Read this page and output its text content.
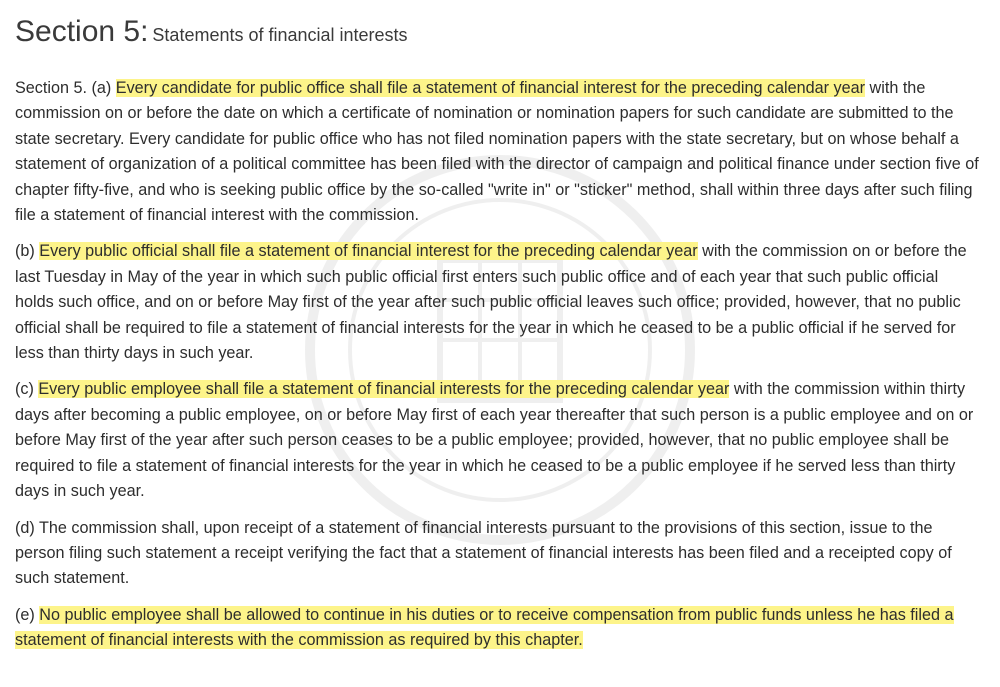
Section 5: Statements of financial interests

Section 5. (a) Every candidate for public office shall file a statement of financial interest for the preceding calendar year with the commission on or before the date on which a certificate of nomination or nomination papers for such candidate are submitted to the state secretary. Every candidate for public office who has not filed nomination papers with the state secretary, but on whose behalf a statement of organization of a political committee has been filed with the director of campaign and political finance under section five of chapter fifty-five, and who is seeking public office by the so-called "write in" or "sticker" method, shall within three days after such filing file a statement of financial interest with the commission.

(b) Every public official shall file a statement of financial interest for the preceding calendar year with the commission on or before the last Tuesday in May of the year in which such public official first enters such public office and of each year that such public official holds such office, and on or before May first of the year after such public official leaves such office; provided, however, that no public official shall be required to file a statement of financial interests for the year in which he ceased to be a public official if he served for less than thirty days in such year.

(c) Every public employee shall file a statement of financial interests for the preceding calendar year with the commission within thirty days after becoming a public employee, on or before May first of each year thereafter that such person is a public employee and on or before May first of the year after such person ceases to be a public employee; provided, however, that no public employee shall be required to file a statement of financial interests for the year in which he ceased to be a public employee if he served less than thirty days in such year.

(d) The commission shall, upon receipt of a statement of financial interests pursuant to the provisions of this section, issue to the person filing such statement a receipt verifying the fact that a statement of financial interests has been filed and a receipted copy of such statement.

(e) No public employee shall be allowed to continue in his duties or to receive compensation from public funds unless he has filed a statement of financial interests with the commission as required by this chapter.
